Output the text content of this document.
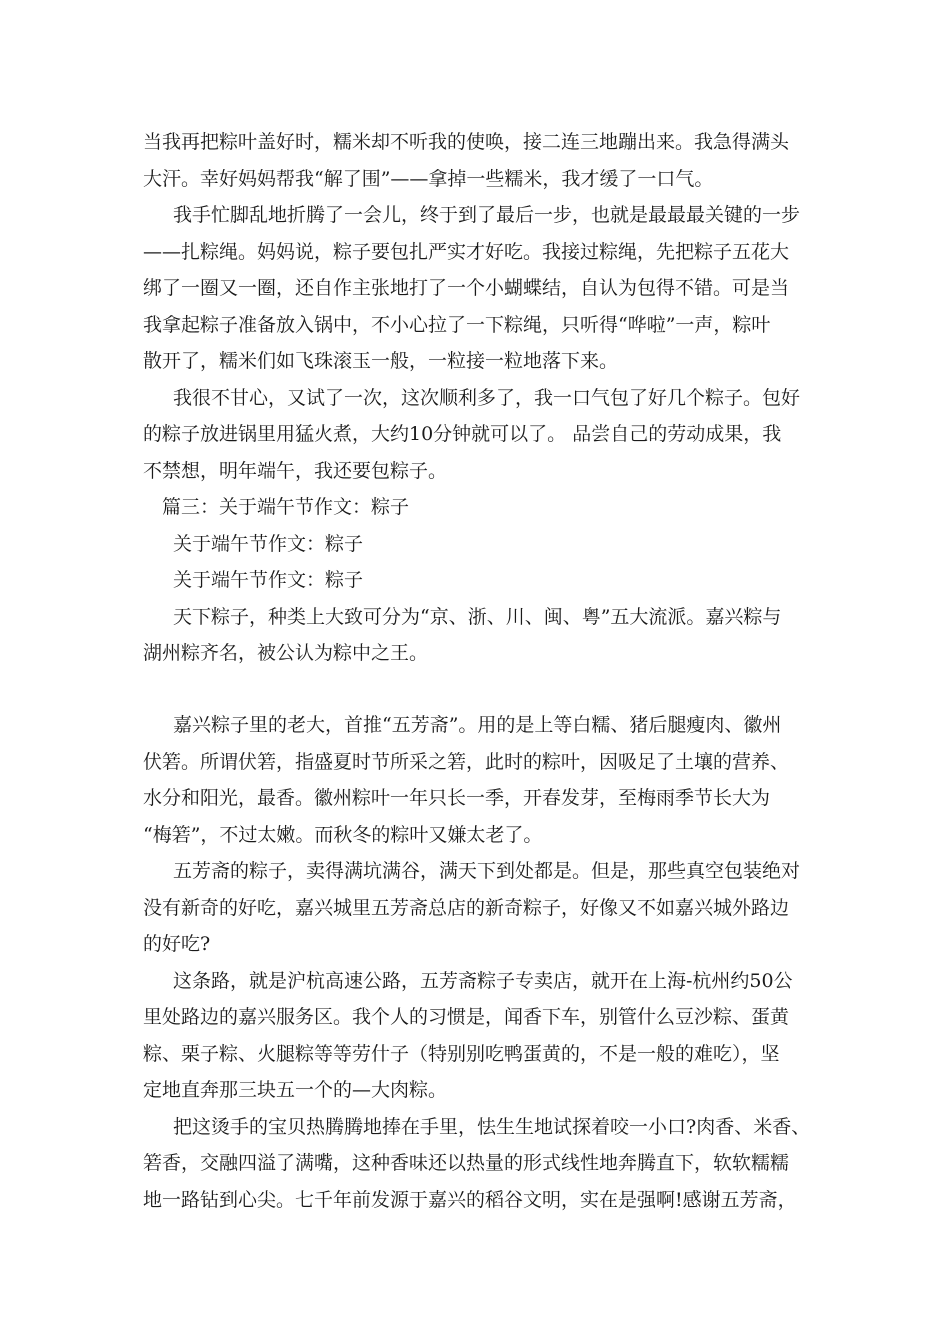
当我再把粽叶盖好时，糯米却不听我的使唤，接二连三地蹦出来。我急得满头
大汗。幸好妈妈帮我“解了围”——拿掉一些糯米，我才缓了一口气。
我手忙脚乱地折腾了一会儿，终于到了最后一步，也就是最最最关键的一步
——扎粽绳。妈妈说，粽子要包扎严实才好吃。我接过粽绳，先把粽子五花大
绑了一圈又一圈，还自作主张地打了一个小蝴蝶结，自认为包得不错。可是当
我拿起粽子准备放入锅中，不小心拉了一下粽绳，只听得“哗啦”一声，粽叶
散开了，糯米们如飞珠滚玉一般，一粒接一粒地落下来。
我很不甘心，又试了一次，这次顺利多了，我一口气包了好几个粽子。包好
的粽子放进锅里用猛火煮，大约10分钟就可以了。 品尝自己的劳动成果，我
不禁想，明年端午，我还要包粽子。
篇三：关于端午节作文：粽子
关于端午节作文：粽子
关于端午节作文：粽子
天下粽子，种类上大致可分为“京、浙、川、闽、粤”五大流派。嘉兴粽与
湖州粽齐名，被公认为粽中之王。
嘉兴粽子里的老大，首推“五芳斋”。用的是上等白糯、猪后腿瘦肉、徽州
伏箬。所谓伏箬，指盛夏时节所采之箬，此时的粽叶，因吸足了土壤的营养、
水分和阳光，最香。徽州粽叶一年只长一季，开春发芽，至梅雨季节长大为
“梅箬”，不过太嫩。而秋冬的粽叶又嫌太老了。
五芳斋的粽子，卖得满坑满谷，满天下到处都是。但是，那些真空包装绝对
没有新奇的好吃，嘉兴城里五芳斋总店的新奇粽子，好像又不如嘉兴城外路边
的好吃?
这条路，就是沪杭高速公路，五芳斋粽子专卖店，就开在上海-杭州约50公
里处路边的嘉兴服务区。我个人的习惯是，闻香下车，别管什么豆沙粽、蛋黄
粽、栗子粽、火腿粽等等劳什子（特别别吃鸭蛋黄的，不是一般的难吃），坚
定地直奔那三块五一个的—大肉粽。
把这烫手的宝贝热腾腾地捧在手里，怯生生地试探着咬一小口?肉香、米香、
箬香，交融四溢了满嘴，这种香味还以热量的形式线性地奔腾直下，软软糯糯
地一路钻到心尖。七千年前发源于嘉兴的稻谷文明，实在是强啊!感谢五芳斋，
